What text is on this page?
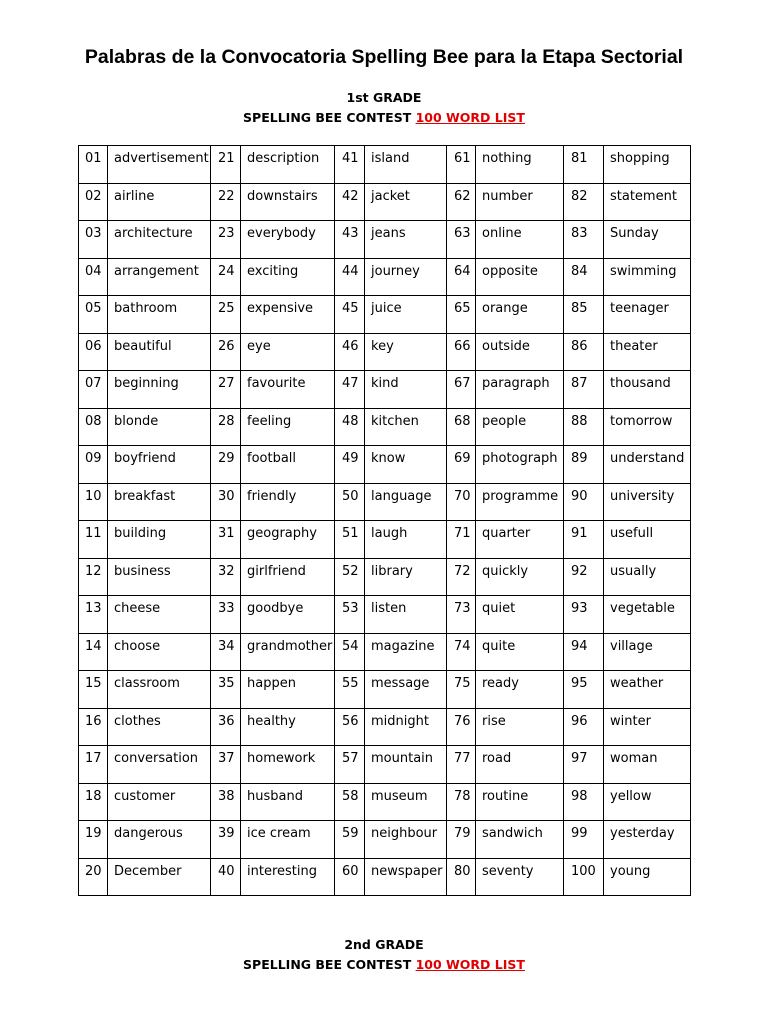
Palabras de la Convocatoria Spelling Bee para la Etapa Sectorial
1st GRADE
SPELLING BEE CONTEST 100 WORD LIST
01	advertisement	21	description	41	island	61	nothing	81	shopping
02	airline	22	downstairs	42	jacket	62	number	82	statement
03	architecture	23	everybody	43	jeans	63	online	83	Sunday
04	arrangement	24	exciting	44	journey	64	opposite	84	swimming
05	bathroom	25	expensive	45	juice	65	orange	85	teenager
06	beautiful	26	eye	46	key	66	outside	86	theater
07	beginning	27	favourite	47	kind	67	paragraph	87	thousand
08	blonde	28	feeling	48	kitchen	68	people	88	tomorrow
09	boyfriend	29	football	49	know	69	photograph	89	understand
10	breakfast	30	friendly	50	language	70	programme	90	university
11	building	31	geography	51	laugh	71	quarter	91	usefull
12	business	32	girlfriend	52	library	72	quickly	92	usually
13	cheese	33	goodbye	53	listen	73	quiet	93	vegetable
14	choose	34	grandmother	54	magazine	74	quite	94	village
15	classroom	35	happen	55	message	75	ready	95	weather
16	clothes	36	healthy	56	midnight	76	rise	96	winter
17	conversation	37	homework	57	mountain	77	road	97	woman
18	customer	38	husband	58	museum	78	routine	98	yellow
19	dangerous	39	ice cream	59	neighbour	79	sandwich	99	yesterday
20	December	40	interesting	60	newspaper	80	seventy	100	young
2nd GRADE
SPELLING BEE CONTEST 100 WORD LIST
